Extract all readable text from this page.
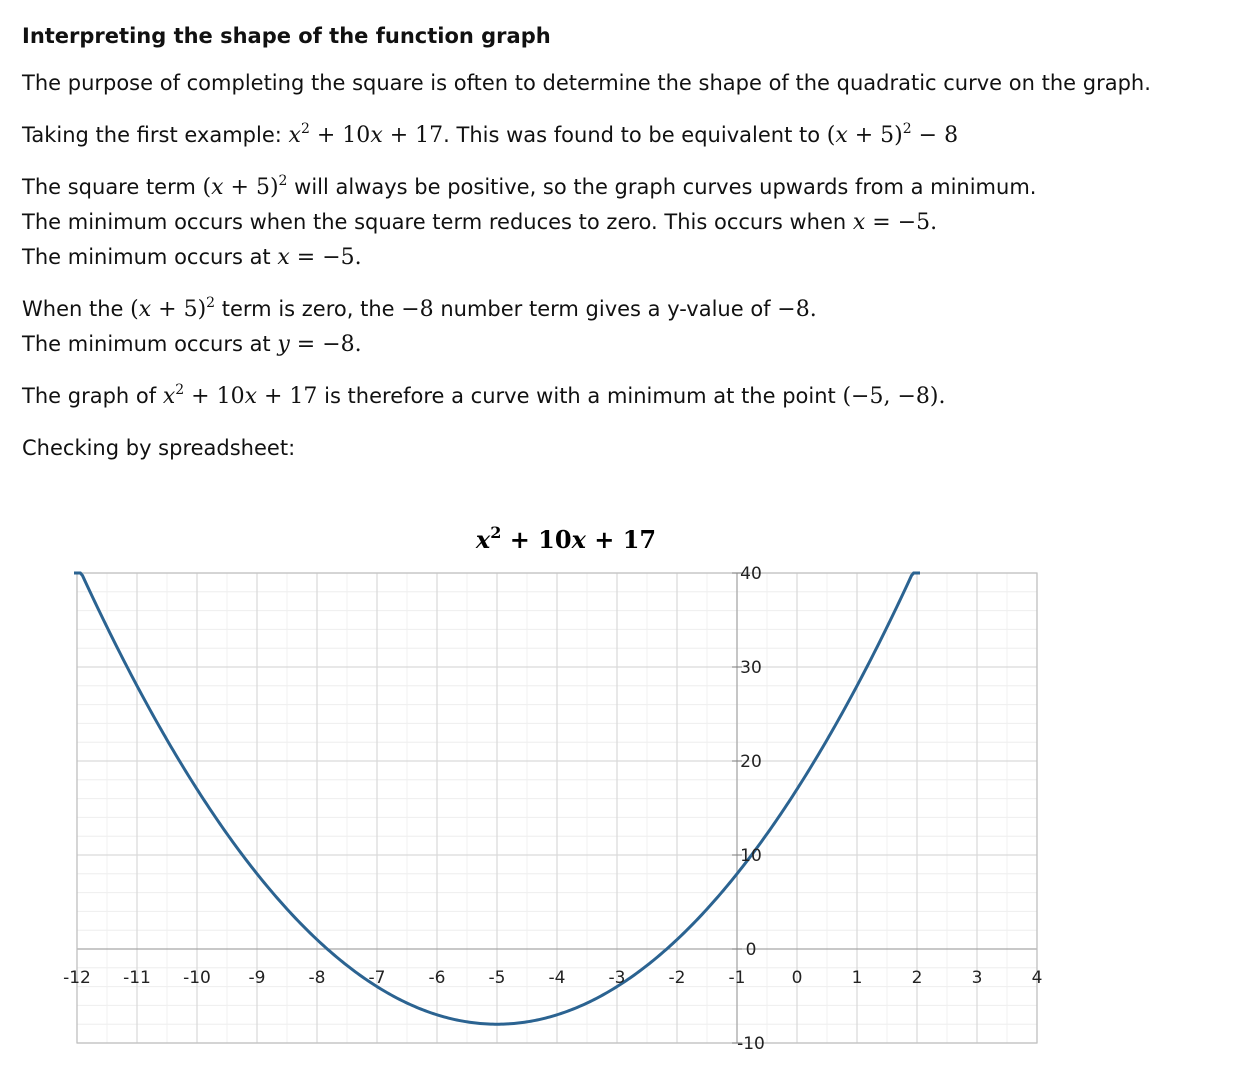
Interpreting the shape of the function graph

The purpose of completing the square is often to determine the shape of the quadratic curve on the graph.

Taking the first example: $x^2 + 10x + 17$. This was found to be equivalent to $(x + 5)^2 - 8$

The square term $(x + 5)^2$ will always be positive, so the graph curves upwards from a minimum.

The minimum occurs when the square term reduces to zero. This occurs when x = −5.

The minimum occurs at x = −5.

When the $(x + 5)^2$ term is zero, the −8 number term gives a y-value of −8.

The minimum occurs at y = −8.

The graph of $x^2 + 10x + 17$ is therefore a curve with a minimum at the point (−5, −8).

Checking by spreadsheet:

$x^2 + 10x + 17$
-12 -11 -10 -9	-8	-7	-6	-5	-4	-3	-2	-1	0	1	2	3	4
-10
0
10
20
30
40
